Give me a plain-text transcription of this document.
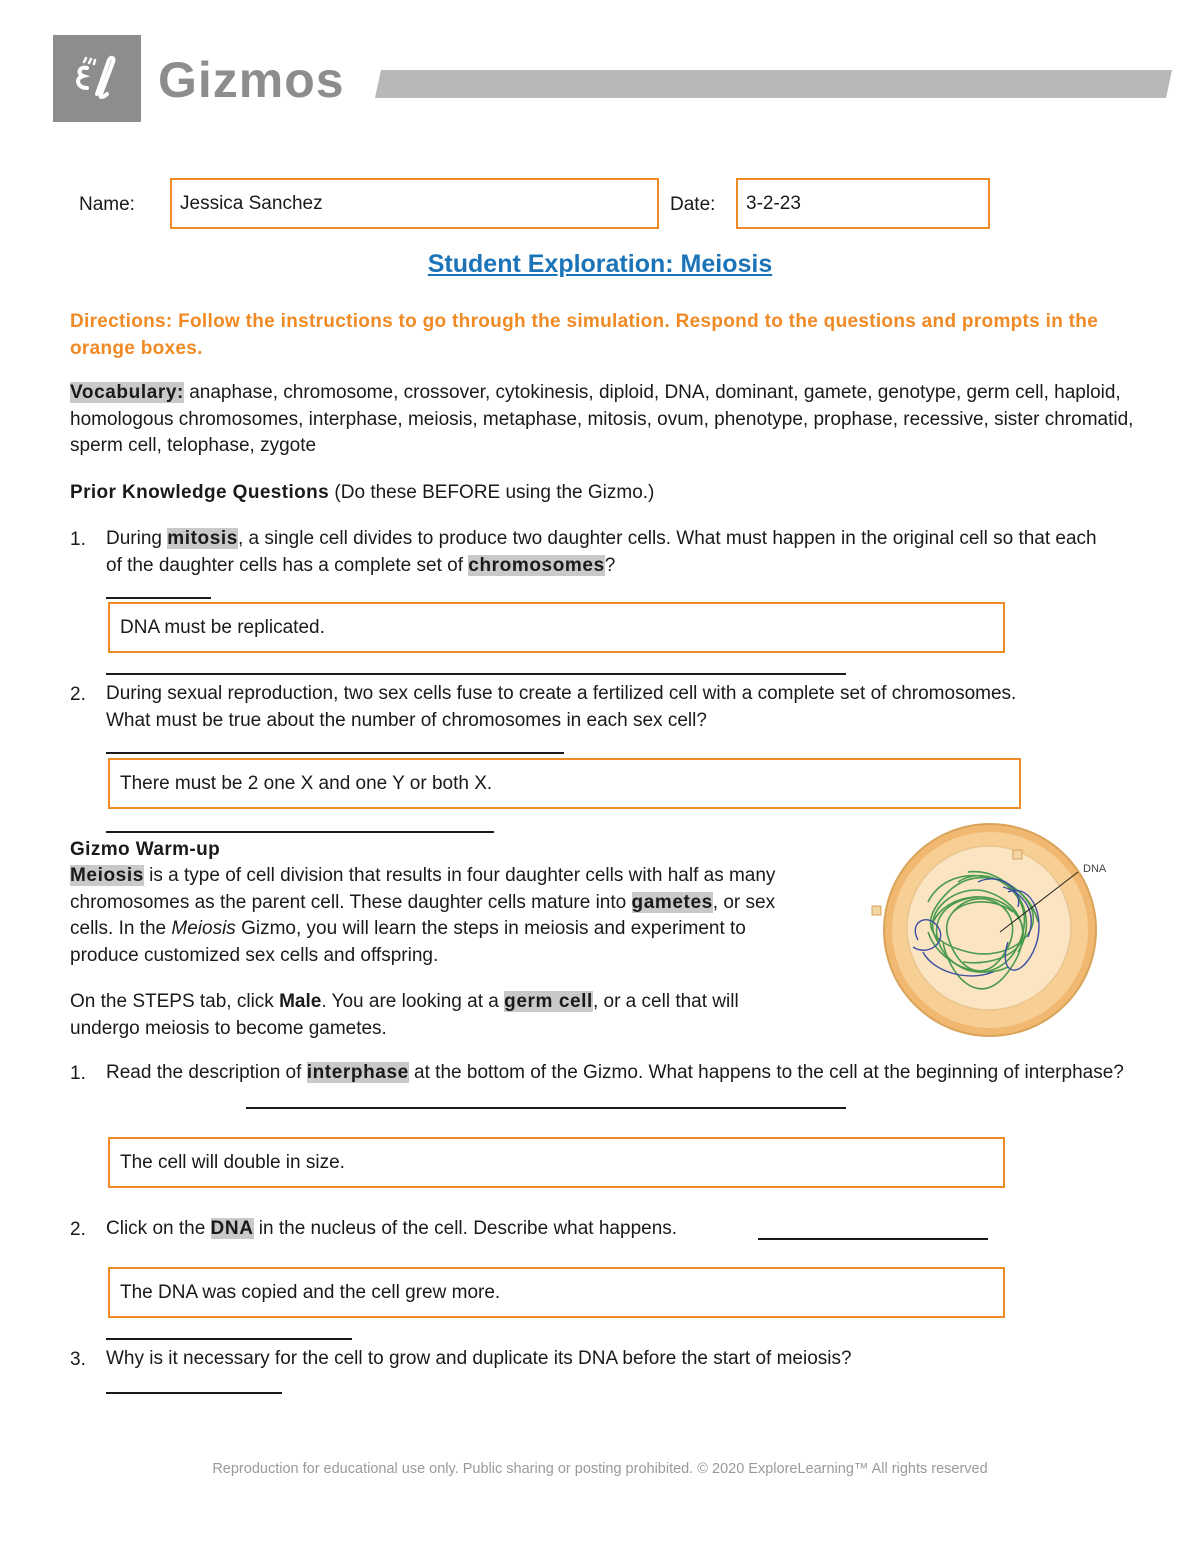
Gizmos
Name:	Jessica Sanchez	Date:	3-2-23
Student Exploration: Meiosis
Directions: Follow the instructions to go through the simulation. Respond to the questions and prompts in the orange boxes.
Vocabulary: anaphase, chromosome, crossover, cytokinesis, diploid, DNA, dominant, gamete, genotype, germ cell, haploid, homologous chromosomes, interphase, meiosis, metaphase, mitosis, ovum, phenotype, prophase, recessive, sister chromatid, sperm cell, telophase, zygote
Prior Knowledge Questions (Do these BEFORE using the Gizmo.)
1. During mitosis, a single cell divides to produce two daughter cells. What must happen in the original cell so that each of the daughter cells has a complete set of chromosomes?
DNA must be replicated.
2. During sexual reproduction, two sex cells fuse to create a fertilized cell with a complete set of chromosomes. What must be true about the number of chromosomes in each sex cell?
There must be 2 one X and one Y or both X.
Gizmo Warm-up
Meiosis is a type of cell division that results in four daughter cells with half as many chromosomes as the parent cell. These daughter cells mature into gametes, or sex cells. In the Meiosis Gizmo, you will learn the steps in meiosis and experiment to produce customized sex cells and offspring.
On the STEPS tab, click Male. You are looking at a germ cell, or a cell that will undergo meiosis to become gametes.
DNA
1. Read the description of interphase at the bottom of the Gizmo. What happens to the cell at the beginning of interphase?
The cell will double in size.
2. Click on the DNA in the nucleus of the cell. Describe what happens.
The DNA was copied and the cell grew more.
3. Why is it necessary for the cell to grow and duplicate its DNA before the start of meiosis?
Reproduction for educational use only. Public sharing or posting prohibited. © 2020 ExploreLearning™ All rights reserved
